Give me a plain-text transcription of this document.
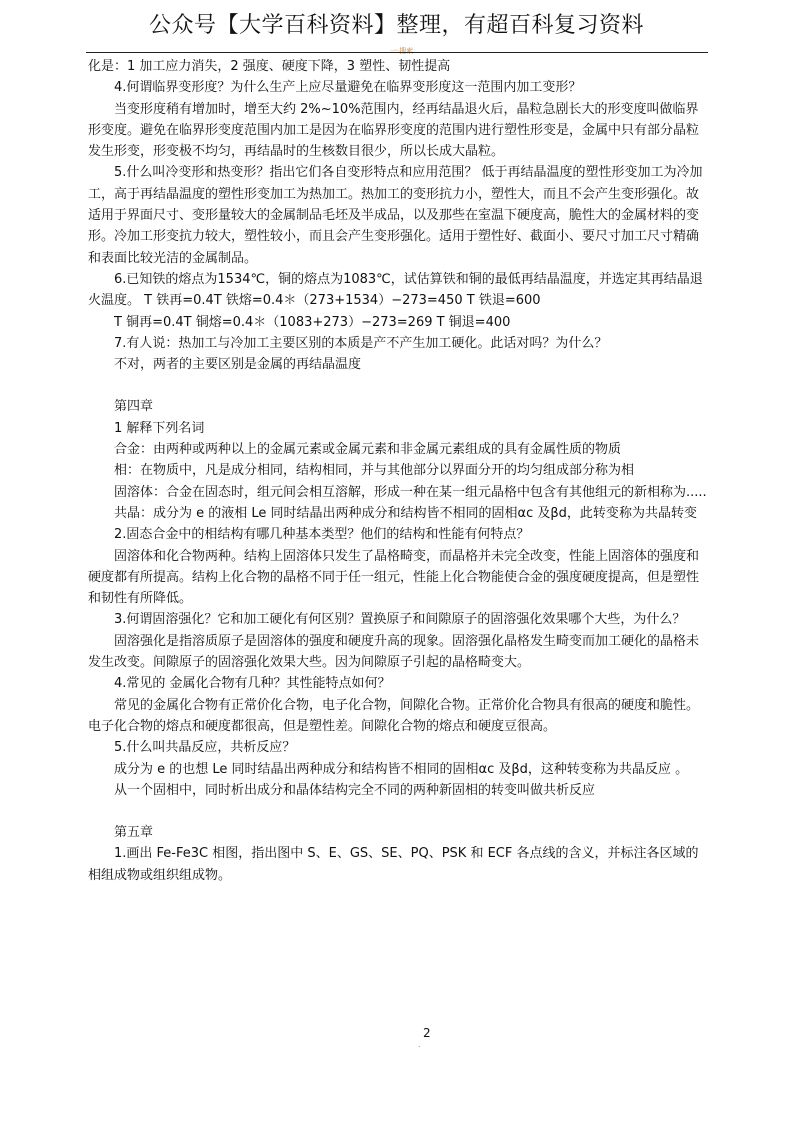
公众号【大学百科资料】整理，有超百科复习资料
一·搜索

化是：1 加工应力消失，2 强度、硬度下降，3 塑性、韧性提高

4.何谓临界变形度？为什么生产上应尽量避免在临界变形度这一范围内加工变形？

当变形度稍有增加时，增至大约 2%~10%范围内，经再结晶退火后，晶粒急剧长大的形变度叫做临界形变度。避免在临界形变度范围内加工是因为在临界形变度的范围内进行塑性形变是，金属中只有部分晶粒发生形变，形变极不均匀，再结晶时的生核数目很少，所以长成大晶粒。

5.什么叫冷变形和热变形？指出它们各自变形特点和应用范围？ 低于再结晶温度的塑性形变加工为冷加工，高于再结晶温度的塑性形变加工为热加工。热加工的变形抗力小，塑性大，而且不会产生变形强化。故适用于界面尺寸、变形量较大的金属制品毛坯及半成品，以及那些在室温下硬度高，脆性大的金属材料的变形。冷加工形变抗力较大，塑性较小，而且会产生变形强化。适用于塑性好、截面小、要尺寸加工尺寸精确和表面比较光洁的金属制品。

6.已知铁的熔点为1534℃，铜的熔点为1083℃，试估算铁和铜的最低再结晶温度，并选定其再结晶退火温度。 T 铁再=0.4T 铁熔=0.4＊（273+1534）−273=450 T 铁退=600

T 铜再=0.4T 铜熔=0.4＊（1083+273）−273=269 T 铜退=400

7.有人说：热加工与冷加工主要区别的本质是产不产生加工硬化。此话对吗？为什么？

不对，两者的主要区别是金属的再结晶温度

第四章

1 解释下列名词

合金：由两种或两种以上的金属元素或金属元素和非金属元素组成的具有金属性质的物质

相：在物质中，凡是成分相同，结构相同，并与其他部分以界面分开的均匀组成部分称为相

固溶体：合金在固态时，组元间会相互溶解，形成一种在某一组元晶格中包含有其他组元的新相称为.....

共晶：成分为 e 的液相 Le 同时结晶出两种成分和结构皆不相同的固相αc 及βd，此转变称为共晶转变

2.固态合金中的相结构有哪几种基本类型？他们的结构和性能有何特点？

固溶体和化合物两种。结构上固溶体只发生了晶格畸变，而晶格并未完全改变，性能上固溶体的强度和硬度都有所提高。结构上化合物的晶格不同于任一组元，性能上化合物能使合金的强度硬度提高，但是塑性和韧性有所降低。

3.何谓固溶强化？它和加工硬化有何区别？置换原子和间隙原子的固溶强化效果哪个大些，为什么？

固溶强化是指溶质原子是固溶体的强度和硬度升高的现象。固溶强化晶格发生畸变而加工硬化的晶格未发生改变。间隙原子的固溶强化效果大些。因为间隙原子引起的晶格畸变大。

4.常见的 金属化合物有几种？其性能特点如何？

常见的金属化合物有正常价化合物，电子化合物，间隙化合物。正常价化合物具有很高的硬度和脆性。电子化合物的熔点和硬度都很高，但是塑性差。间隙化合物的熔点和硬度豆很高。

5.什么叫共晶反应，共析反应？

成分为 e 的也想 Le 同时结晶出两种成分和结构皆不相同的固相αc 及βd，这种转变称为共晶反应 。

从一个固相中，同时析出成分和晶体结构完全不同的两种新固相的转变叫做共析反应

第五章

1.画出 Fe-Fe3C 相图，指出图中 S、E、GS、SE、PQ、PSK 和 ECF 各点线的含义，并标注各区域的相组成物或组织组成物。

2
.
